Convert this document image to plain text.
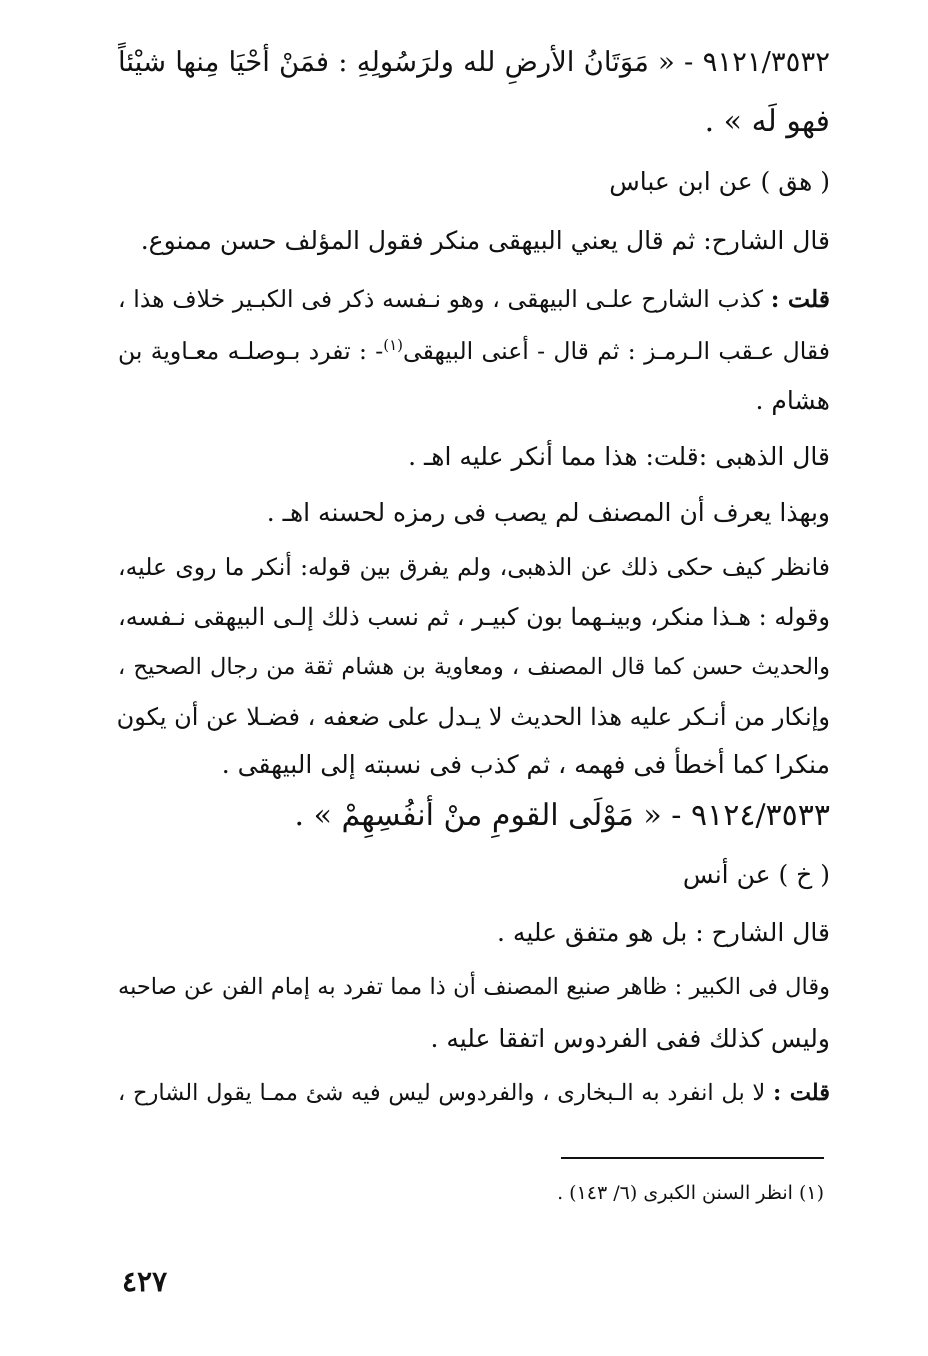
٩١٢١/٣٥٣٢ - « مَوَتَانُ الأرضِ لله ولرَسُولِهِ : فمَنْ أحْيَا مِنها شيْئاً
فهو لَه » .
( هق ) عن ابن عباس
قال الشارح: ثم قال يعني البيهقى منكر فقول المؤلف حسن ممنوع.
قلت : كذب الشارح علـى البيهقى ، وهو نـفسه ذكر فى الكبـير خلاف هذا ،
فقال عـقب الـرمـز : ثم قال - أعنى البيهقى$^{(١)}$- : تفرد بـوصلـه معـاوية بن
هشام .
قال الذهبى :قلت: هذا مما أنكر عليه اهـ .
وبهذا يعرف أن المصنف لم يصب فى رمزه لحسنه اهـ .
فانظر كيف حكى ذلك عن الذهبى، ولم يفرق بين قوله: أنكر ما روى عليه،
وقوله : هـذا منكر، وبينـهما بون كبيـر ، ثم نسب ذلك إلـى البيهقى نـفسه،
والحديث حسن كما قال المصنف ، ومعاوية بن هشام ثقة من رجال الصحيح ،
وإنكار من أنـكر عليه هذا الحديث لا يـدل على ضعفه ، فضـلا عن أن يكون
منكرا كما أخطأ فى فهمه ، ثم كذب فى نسبته إلى البيهقى .
٩١٢٤/٣٥٣٣ - « مَوْلَى القومِ منْ أنفُسِهِمْ » .
( خ ) عن أنس
قال الشارح : بل هو متفق عليه .
وقال فى الكبير : ظاهر صنيع المصنف أن ذا مما تفرد به إمام الفن عن صاحبه
وليس كذلك ففى الفردوس اتفقا عليه .
قلت : لا بل انفرد به الـبخارى ، والفردوس ليس فيه شئ ممـا يقول الشارح ،
(١) انظر السنن الكبرى (٦/ ١٤٣) .
٤٢٧
